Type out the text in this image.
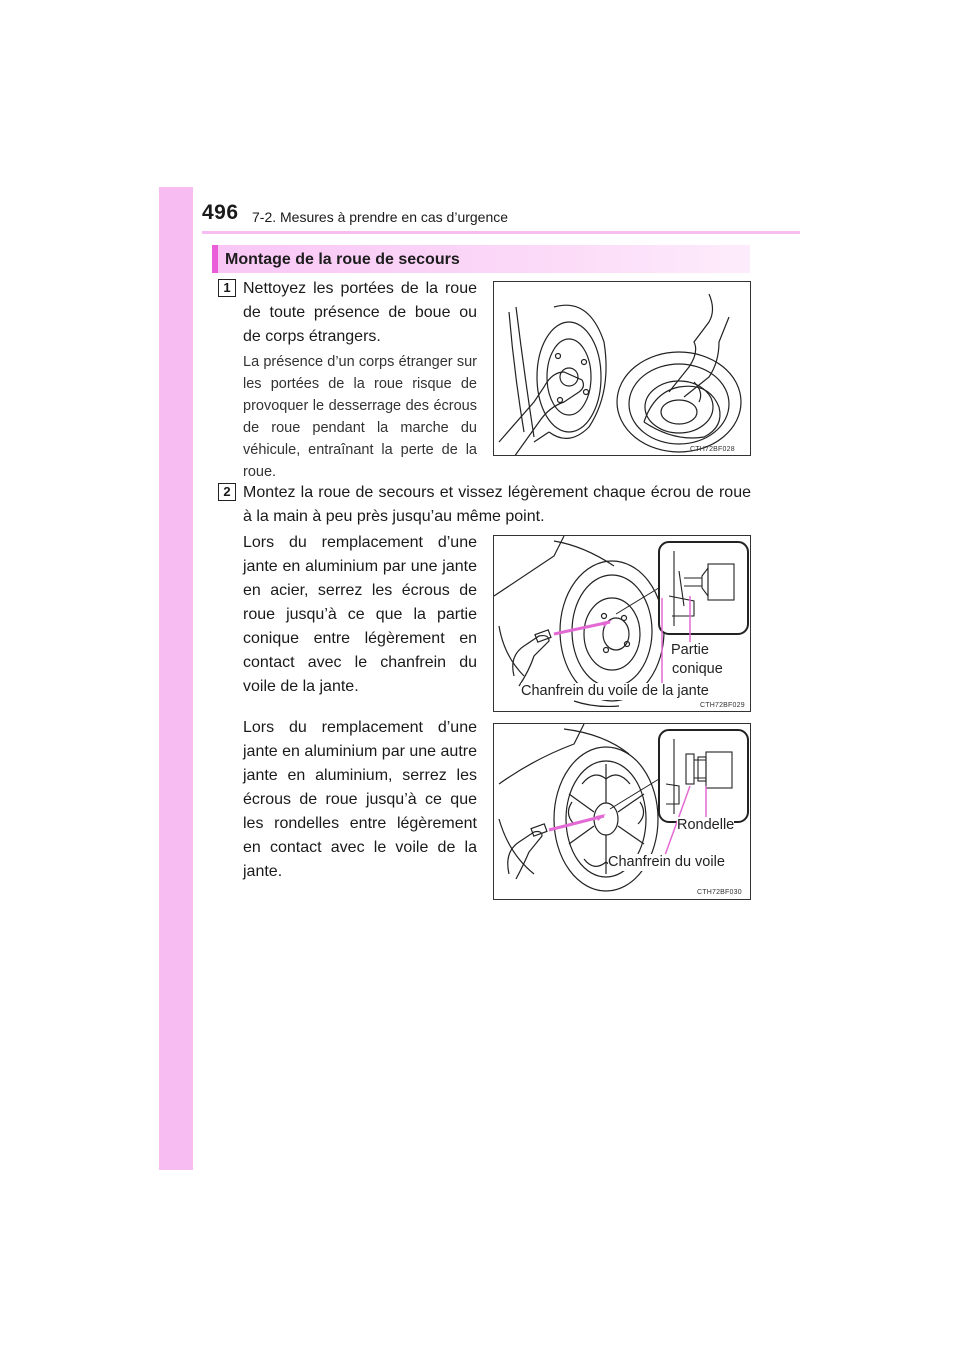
496 7-2. Mesures à prendre en cas d’urgence
Montage de la roue de secours
1 Nettoyez les portées de la roue de toute présence de boue ou de corps étrangers.
La présence d’un corps étranger sur les portées de la roue risque de provoquer le desserrage des écrous de roue pendant la marche du véhicule, entraînant la perte de la roue.
CTH72BF028
2 Montez la roue de secours et vissez légèrement chaque écrou de roue à la main à peu près jusqu’au même point.
Lors du remplacement d’une jante en aluminium par une jante en acier, serrez les écrous de roue jusqu’à ce que la partie conique entre légèrement en contact avec le chanfrein du voile de la jante.
Partie
conique
Chanfrein du voile de la jante
CTH72BF029
Lors du remplacement d’une jante en aluminium par une autre jante en aluminium, serrez les écrous de roue jusqu’à ce que les rondelles entre légèrement en contact avec le voile de la jante.
Rondelle
Chanfrein du voile
CTH72BF030
